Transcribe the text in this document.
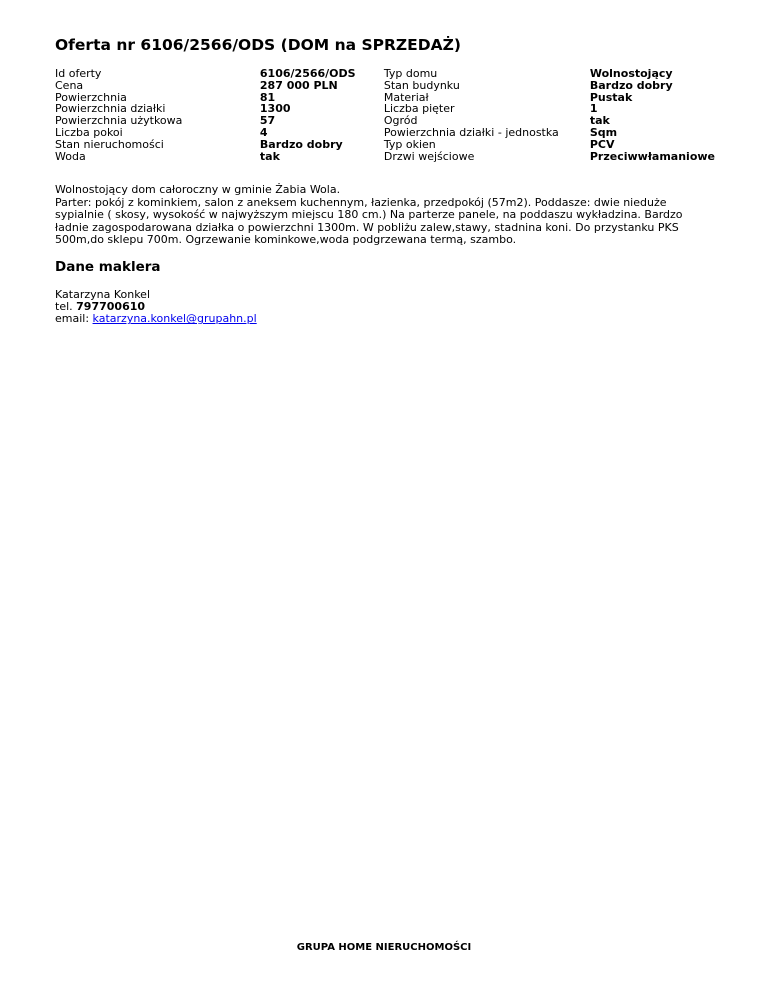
Oferta nr 6106/2566/ODS (DOM na SPRZEDAŻ)
Id oferty	6106/2566/ODS	Typ domu	Wolnostojący
Cena	287 000 PLN	Stan budynku	Bardzo dobry
Powierzchnia	81	Materiał	Pustak
Powierzchnia działki	1300	Liczba pięter	1
Powierzchnia użytkowa	57	Ogród	tak
Liczba pokoi	4	Powierzchnia działki - jednostka	Sqm
Stan nieruchomości	Bardzo dobry	Typ okien	PCV
Woda	tak	Drzwi wejściowe	Przeciwwłamaniowe

Wolnostojący dom całoroczny w gminie Żabia Wola.

Parter: pokój z kominkiem, salon z aneksem kuchennym, łazienka, przedpokój (57m2). Poddasze: dwie nieduże sypialnie ( skosy, wysokość w najwyższym miejscu 180 cm.) Na parterze panele, na poddaszu wykładzina. Bardzo ładnie zagospodarowana działka o powierzchni 1300m. W pobliżu zalew,stawy, stadnina koni. Do przystanku PKS 500m,do sklepu 700m. Ogrzewanie kominkowe,woda podgrzewana termą, szambo.

Dane maklera
Katarzyna Konkel
tel. 797700610
email: katarzyna.konkel@grupahn.pl
GRUPA HOME NIERUCHOMOŚCI
